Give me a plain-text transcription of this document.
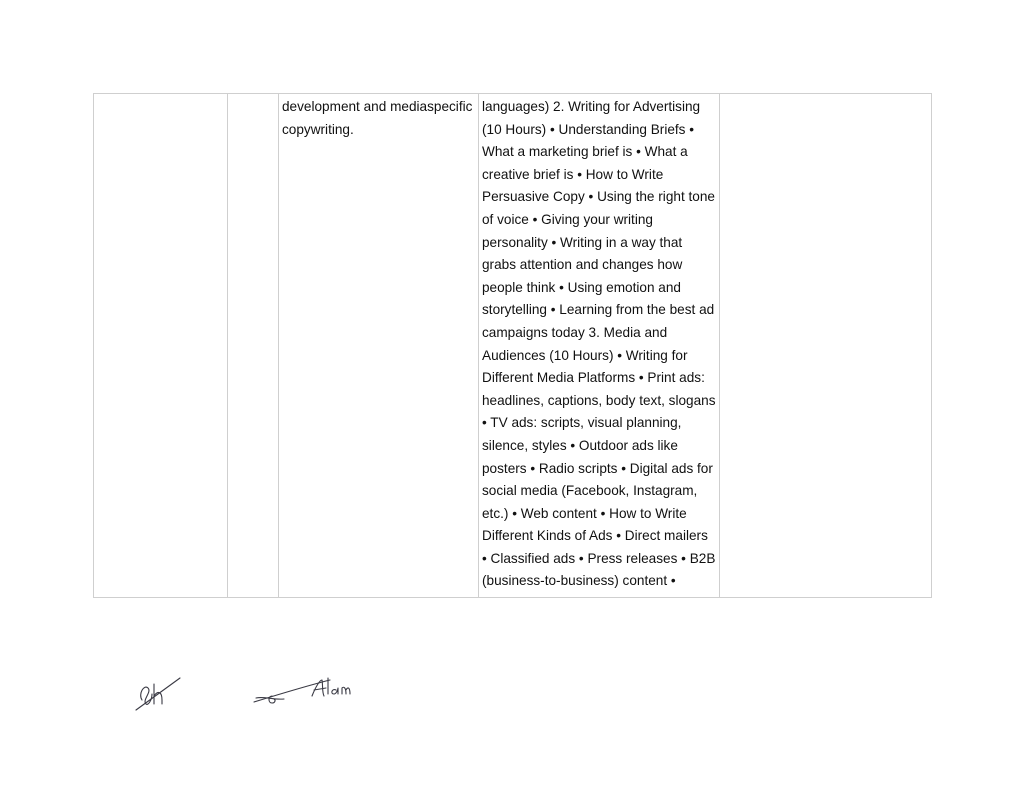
		development and mediaspecific copywriting.	languages) 2. Writing for Advertising (10 Hours) • Understanding Briefs • What a marketing brief is • What a creative brief is • How to Write Persuasive Copy • Using the right tone of voice • Giving your writing personality • Writing in a way that grabs attention and changes how people think • Using emotion and storytelling • Learning from the best ad campaigns today 3. Media and Audiences (10 Hours) • Writing for Different Media Platforms • Print ads: headlines, captions, body text, slogans • TV ads: scripts, visual planning, silence, styles • Outdoor ads like posters • Radio scripts • Digital ads for social media (Facebook, Instagram, etc.) • Web content • How to Write Different Kinds of Ads • Direct mailers • Classified ads • Press releases • B2B (business-to-business) content •	
